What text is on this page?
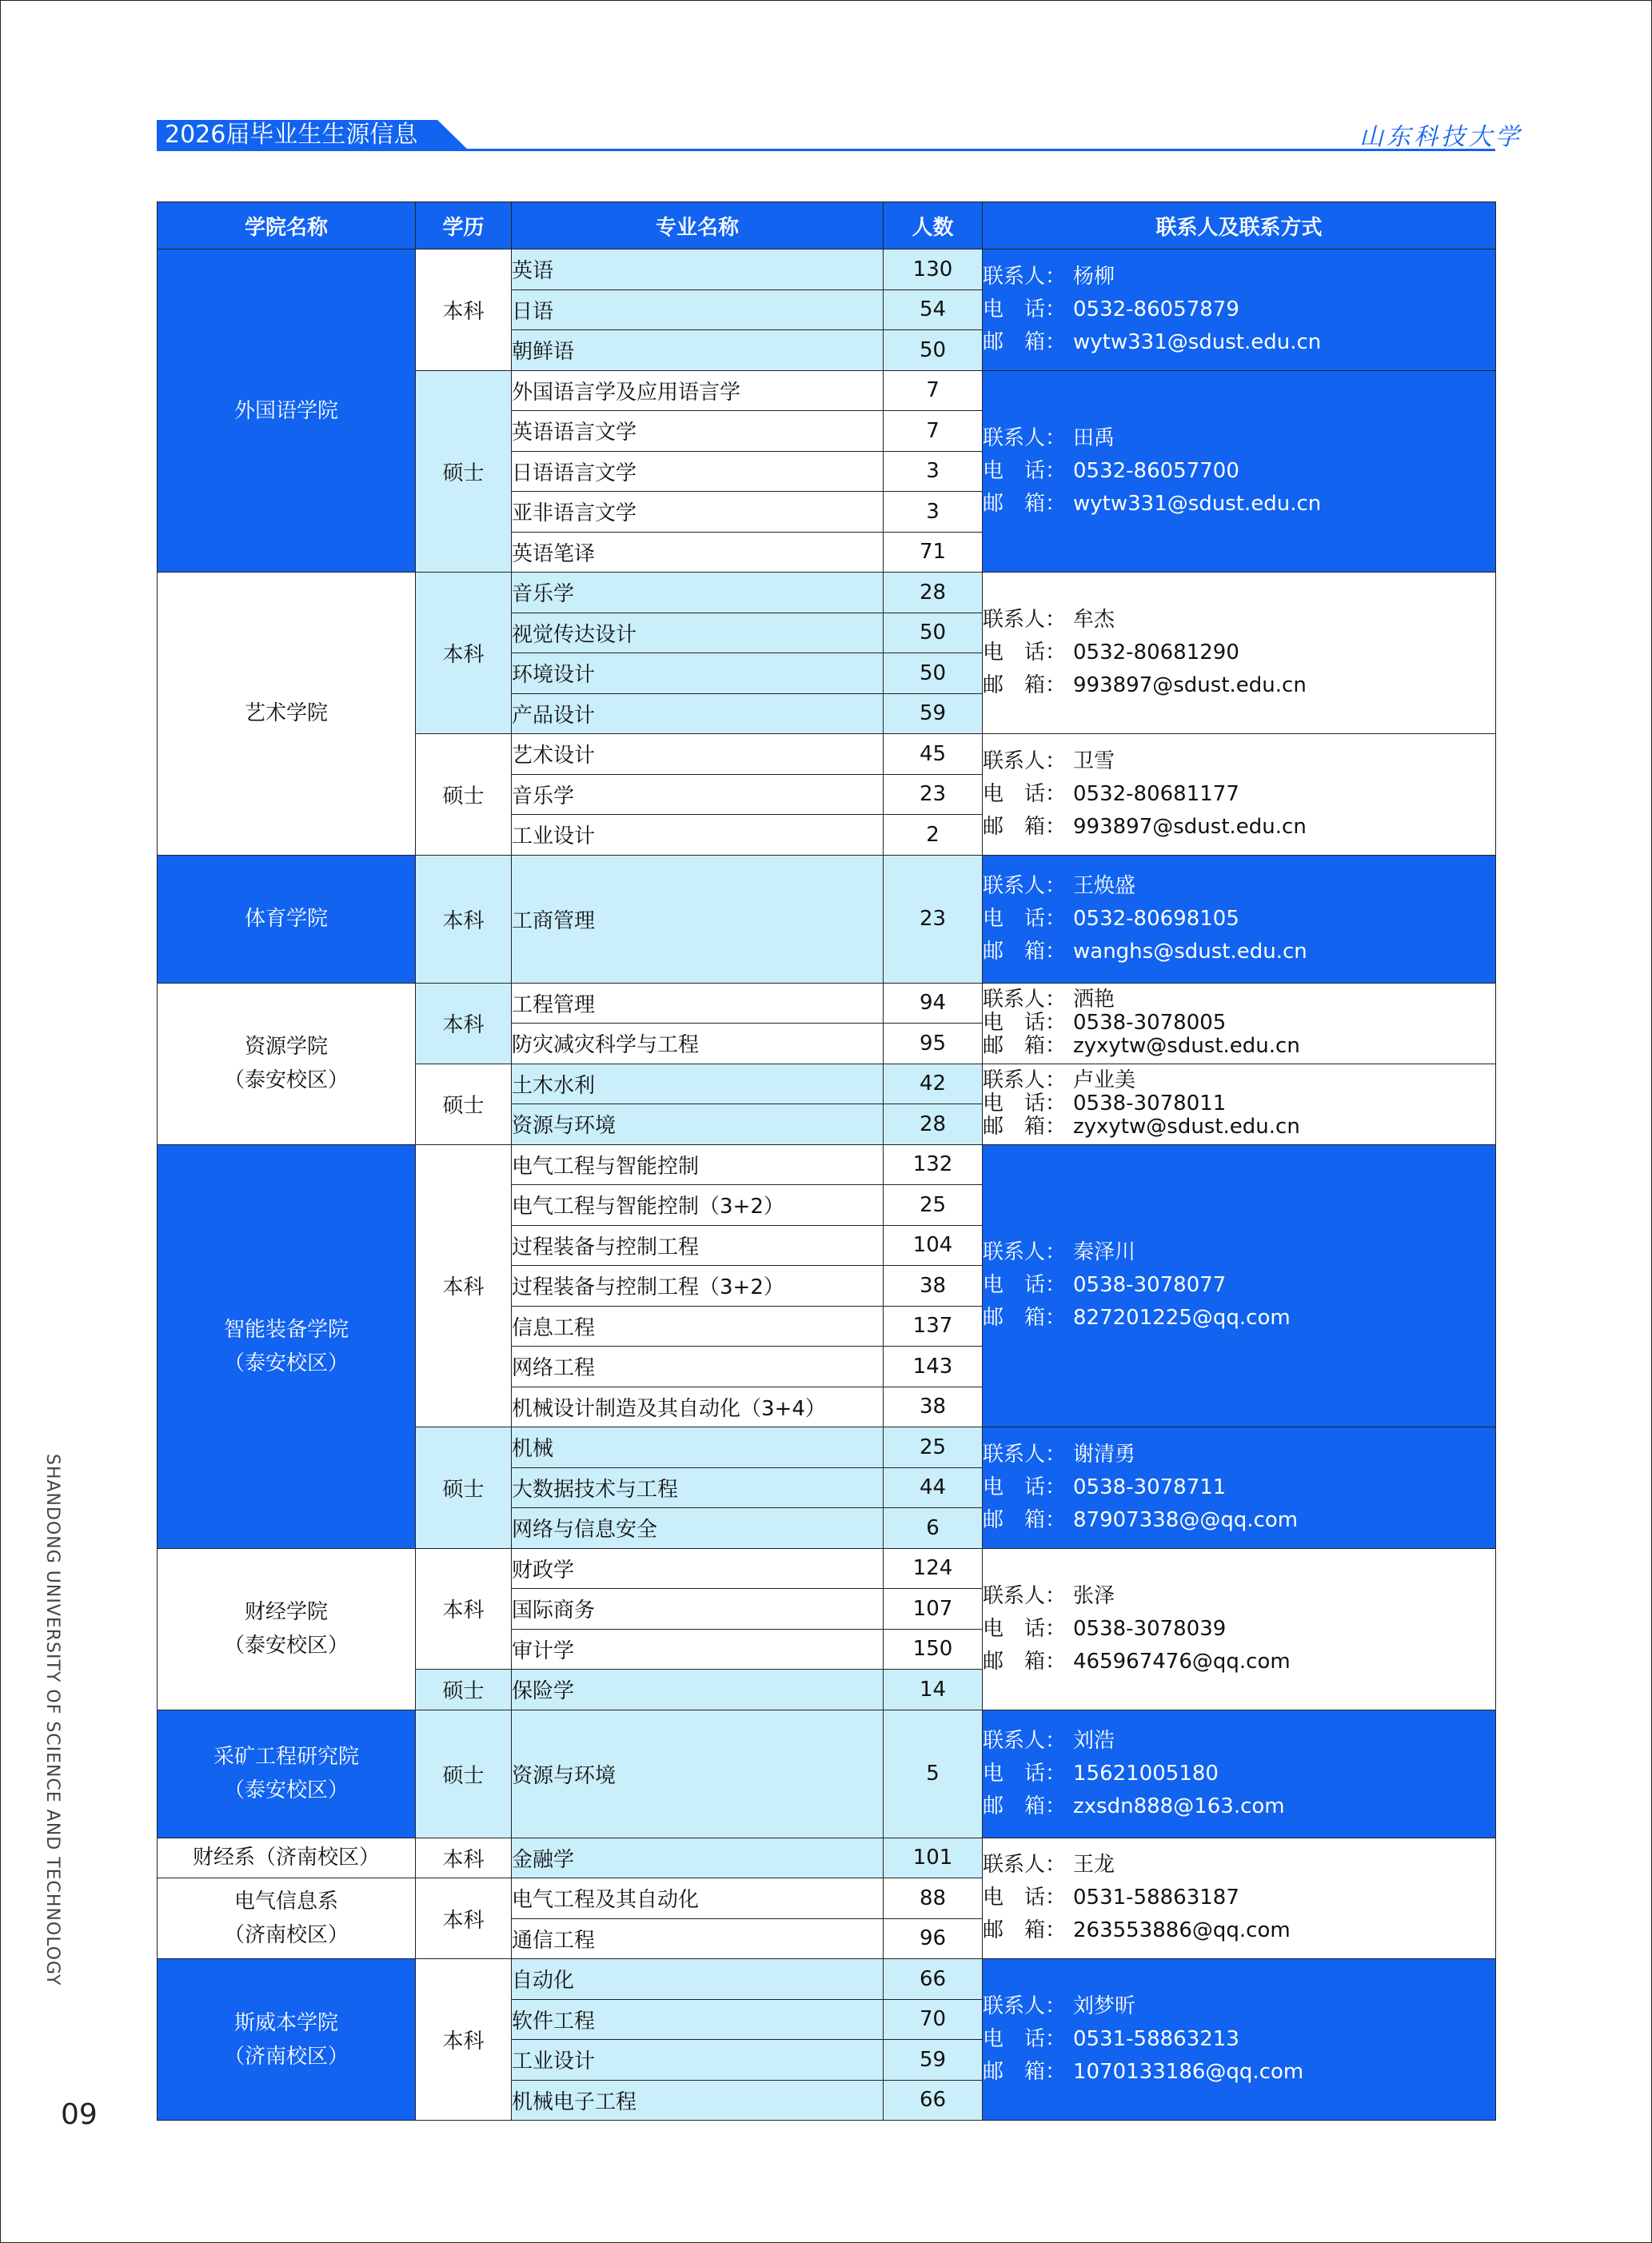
2026届毕业生生源信息	山东科技大学
SHANDONG UNIVERSITY OF SCIENCE AND TECHNOLOGY
09
学院名称	学历	专业名称	人数	联系人及联系方式

外国语学院	本科	英语	130	联系人： 杨柳
电　话： 0532-86057879
邮　箱： wytw331@sdust.edu.cn

		日语	54	
		朝鲜语	50	
	硕士	外国语言学及应用语言学	7	联系人： 田禹
电　话： 0532-86057700
邮　箱： wytw331@sdust.edu.cn

		英语语言文学	7	
		日语语言文学	3	
		亚非语言文学	3	
		英语笔译	71	

艺术学院	本科	音乐学	28	联系人： 牟杰
电　话： 0532-80681290
邮　箱： 993897@sdust.edu.cn

		视觉传达设计	50	
		环境设计	50	
		产品设计	59	
	硕士	艺术设计	45	联系人： 卫雪
电　话： 0532-80681177
邮　箱： 993897@sdust.edu.cn

		音乐学	23	
		工业设计	2	

体育学院	本科	工商管理	23	联系人： 王焕盛
电　话： 0532-80698105
邮　箱： wanghs@sdust.edu.cn

资源学院
（泰安校区）	本科	工程管理	94	联系人： 洒艳
电　话： 0538-3078005
邮　箱： zyxytw@sdust.edu.cn

		防灾减灾科学与工程	95	
	硕士	土木水利	42	联系人： 卢业美
电　话： 0538-3078011
邮　箱： zyxytw@sdust.edu.cn

		资源与环境	28	

智能装备学院
（泰安校区）	本科	电气工程与智能控制	132	联系人： 秦泽川
电　话： 0538-3078077
邮　箱： 827201225@qq.com

		电气工程与智能控制（3+2）	25	
		过程装备与控制工程	104	
		过程装备与控制工程（3+2）	38	
		信息工程	137	
		网络工程	143	
		机械设计制造及其自动化（3+4）	38	
	硕士	机械	25	联系人： 谢清勇
电　话： 0538-3078711
邮　箱： 87907338@@qq.com

		大数据技术与工程	44	
		网络与信息安全	6	

财经学院
（泰安校区）	本科	财政学	124	联系人： 张泽
电　话： 0538-3078039
邮　箱： 465967476@qq.com

		国际商务	107	
		审计学	150	
	硕士	保险学	14	

采矿工程研究院
（泰安校区）	硕士	资源与环境	5	联系人： 刘浩
电　话： 15621005180
邮　箱： zxsdn888@163.com

财经系（济南校区）	本科	金融学	101	联系人： 王龙
电　话： 0531-58863187
邮　箱： 263553886@qq.com

电气信息系
（济南校区）	本科	电气工程及其自动化	88	
		通信工程	96	

斯威本学院
（济南校区）	本科	自动化	66	联系人： 刘梦昕
电　话： 0531-58863213
邮　箱： 1070133186@qq.com

		软件工程	70	
		工业设计	59	
		机械电子工程	66	
